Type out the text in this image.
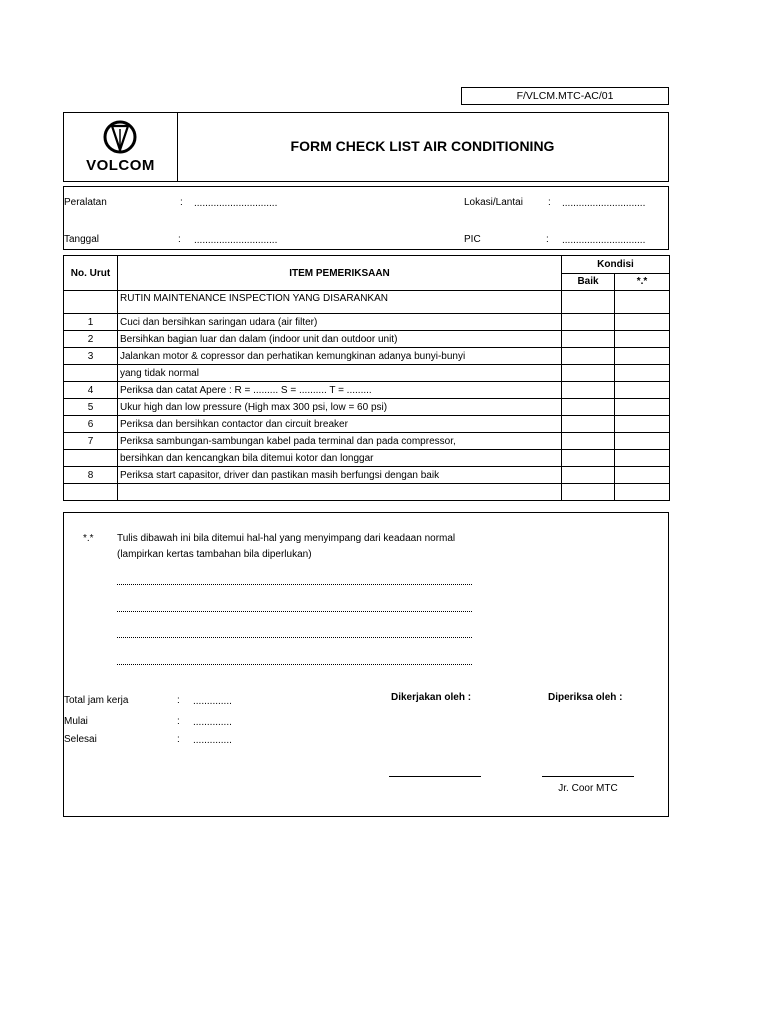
F/VLCM.MTC-AC/01
VOLCOM
FORM CHECK LIST AIR CONDITIONING
Peralatan	: ..............................
Tanggal	: ..............................
Lokasi/Lantai	: ..............................
PIC	: ..............................
No. Urut	ITEM PEMERIKSAAN	Kondisi	
		Baik	*.*
	RUTIN MAINTENANCE INSPECTION YANG DISARANKAN		
1	Cuci dan bersihkan saringan udara (air filter)		
2	Bersihkan bagian luar dan dalam (indoor unit dan outdoor unit)		
3	Jalankan motor & copressor dan perhatikan kemungkinan adanya bunyi-bunyi		
	yang tidak normal		
4	Periksa dan catat Apere : R = ......... S = .......... T = .........		
5	Ukur high dan low pressure (High max 300 psi, low = 60 psi)		
6	Periksa dan bersihkan contactor dan circuit breaker		
7	Periksa sambungan-sambungan kabel pada terminal dan pada compressor,		
	bersihkan dan kencangkan bila ditemui kotor dan longgar		
8	Periksa start capasitor, driver dan pastikan masih berfungsi dengan baik		

*.* Tulis dibawah ini bila ditemui hal-hal yang menyimpang dari keadaan normal
(lampirkan kertas tambahan bila diperlukan)
Total jam kerja	: ..............
Mulai	: ..............
Selesai	: ..............
Dikerjakan oleh :	Diperiksa oleh :
Jr. Coor MTC
